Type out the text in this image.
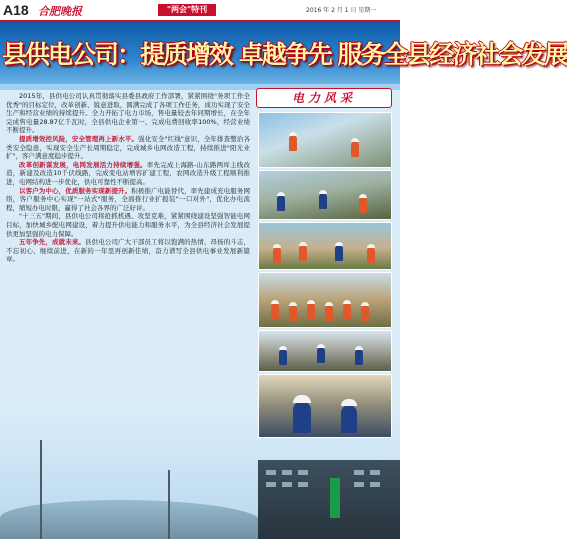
A18 合肥晚报	"两会"特刊	2016 年 2 月 1 日 星期一
县供电公司：提质增效 卓越争先 服务全县经济社会发展

2015年，县供电公司认真贯彻落实县委县政府工作部署，紧紧围绕"务项工作全优秀"的目标定位，改革创新、锐意进取，圆满完成了各项工作任务，成功实现了安全生产和经营业绩的持续提升。全力开拓了电力市场，售电量较去年同期增长，在全年完成售电量28.87亿千瓦时，全县供电企业第一、完成电费回收率100%，经营业绩不断提升。

提质增效控风险，安全管理再上新水平。强化安全"红线"意识，全年排查整治各类安全隐患，实现安全生产长周期稳定，完成城乡电网改造工程，持续推进"阳光业扩"，客户满意度稳步提升。

改革创新谋发展，电网发展活力持续增强。率先完成上海路-山东路两库主线改造，新建及改造10千伏线路，完成变电站增容扩建工程，农网改造升级工程顺利推进，电网结构进一步优化，供电可靠性不断提高。

以客户为中心，优质服务实现新提升。积极推广电能替代，率先建成充电服务网络，客户服务中心实现"一站式"服务，全面推行业扩报装"一口对外"，优化办电流程，缩短办电时限，赢得了社会各界的广泛好评。

"十三五"期间，县供电公司将抢抓机遇、攻坚克难，紧紧围绕建设坚强智能电网目标，加快城乡配电网建设，着力提升供电能力和服务水平，为全县经济社会发展提供更加坚强的电力保障。

五年争先，成就未来。县供电公司广大干部员工将以饱满的热情、昂扬的斗志，不忘初心、继续前进，在新的一年里再创新佳绩，奋力谱写全县供电事业发展新篇章。

电力风采
